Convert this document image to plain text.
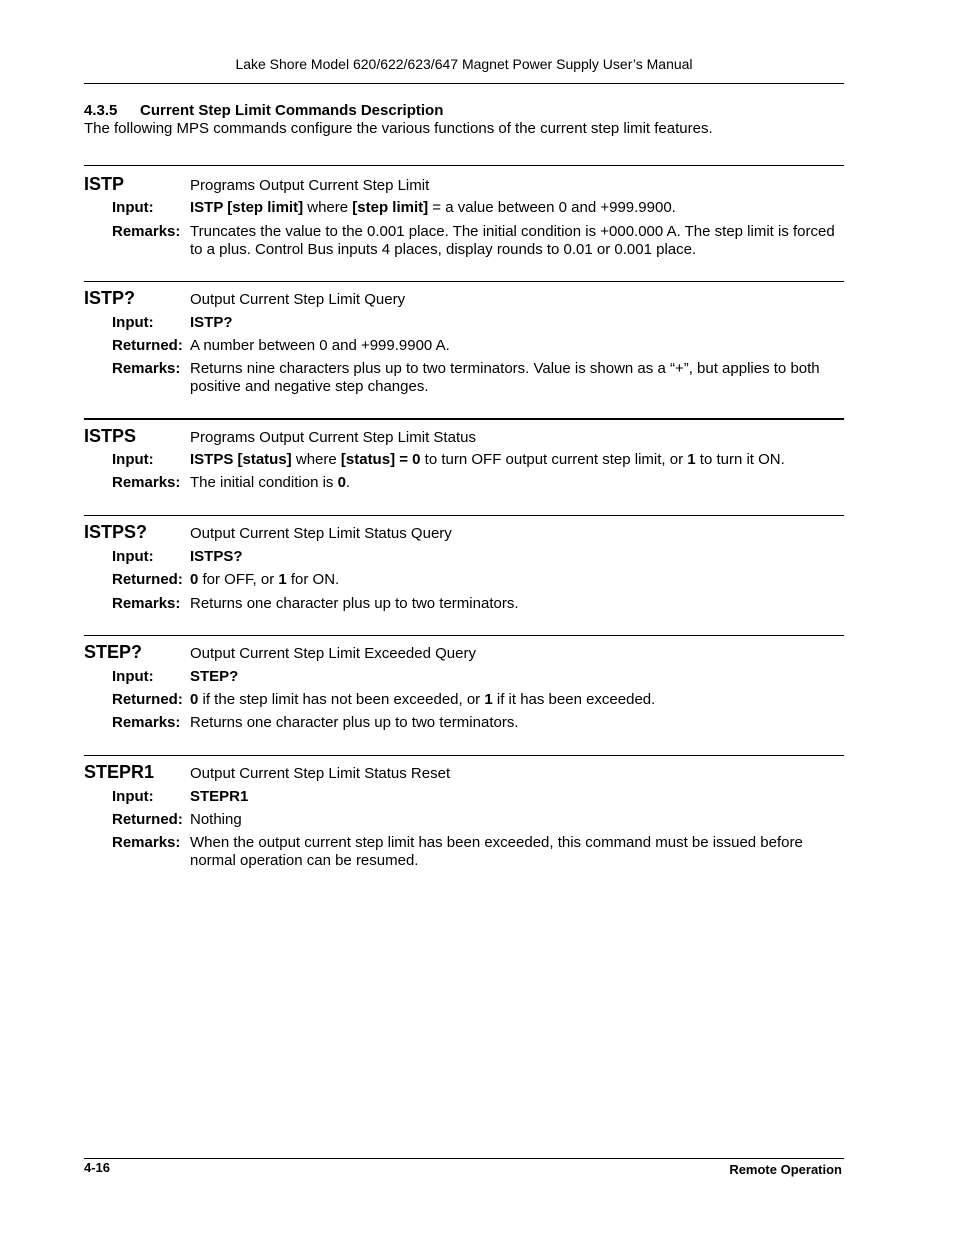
Lake Shore Model 620/622/623/647 Magnet Power Supply User’s Manual
4.3.5 Current Step Limit Commands Description
The following MPS commands configure the various functions of the current step limit features.
ISTP	Programs Output Current Step Limit
Input: ISTP [step limit] where [step limit] = a value between 0 and +999.9900.
Remarks: Truncates the value to the 0.001 place. The initial condition is +000.000 A. The step limit is forced to a plus. Control Bus inputs 4 places, display rounds to 0.01 or 0.001 place.
ISTP?	Output Current Step Limit Query
Input: ISTP?
Returned: A number between 0 and +999.9900 A.
Remarks: Returns nine characters plus up to two terminators. Value is shown as a “+”, but applies to both positive and negative step changes.
ISTPS	Programs Output Current Step Limit Status
Input: ISTPS [status] where [status] = 0 to turn OFF output current step limit, or 1 to turn it ON.
Remarks: The initial condition is 0.
ISTPS?	Output Current Step Limit Status Query
Input: ISTPS?
Returned: 0 for OFF, or 1 for ON.
Remarks: Returns one character plus up to two terminators.
STEP?	Output Current Step Limit Exceeded Query
Input: STEP?
Returned: 0 if the step limit has not been exceeded, or 1 if it has been exceeded.
Remarks: Returns one character plus up to two terminators.
STEPR1 Output Current Step Limit Status Reset
Input: STEPR1
Returned: Nothing
Remarks: When the output current step limit has been exceeded, this command must be issued before normal operation can be resumed.
4-16	Remote Operation
